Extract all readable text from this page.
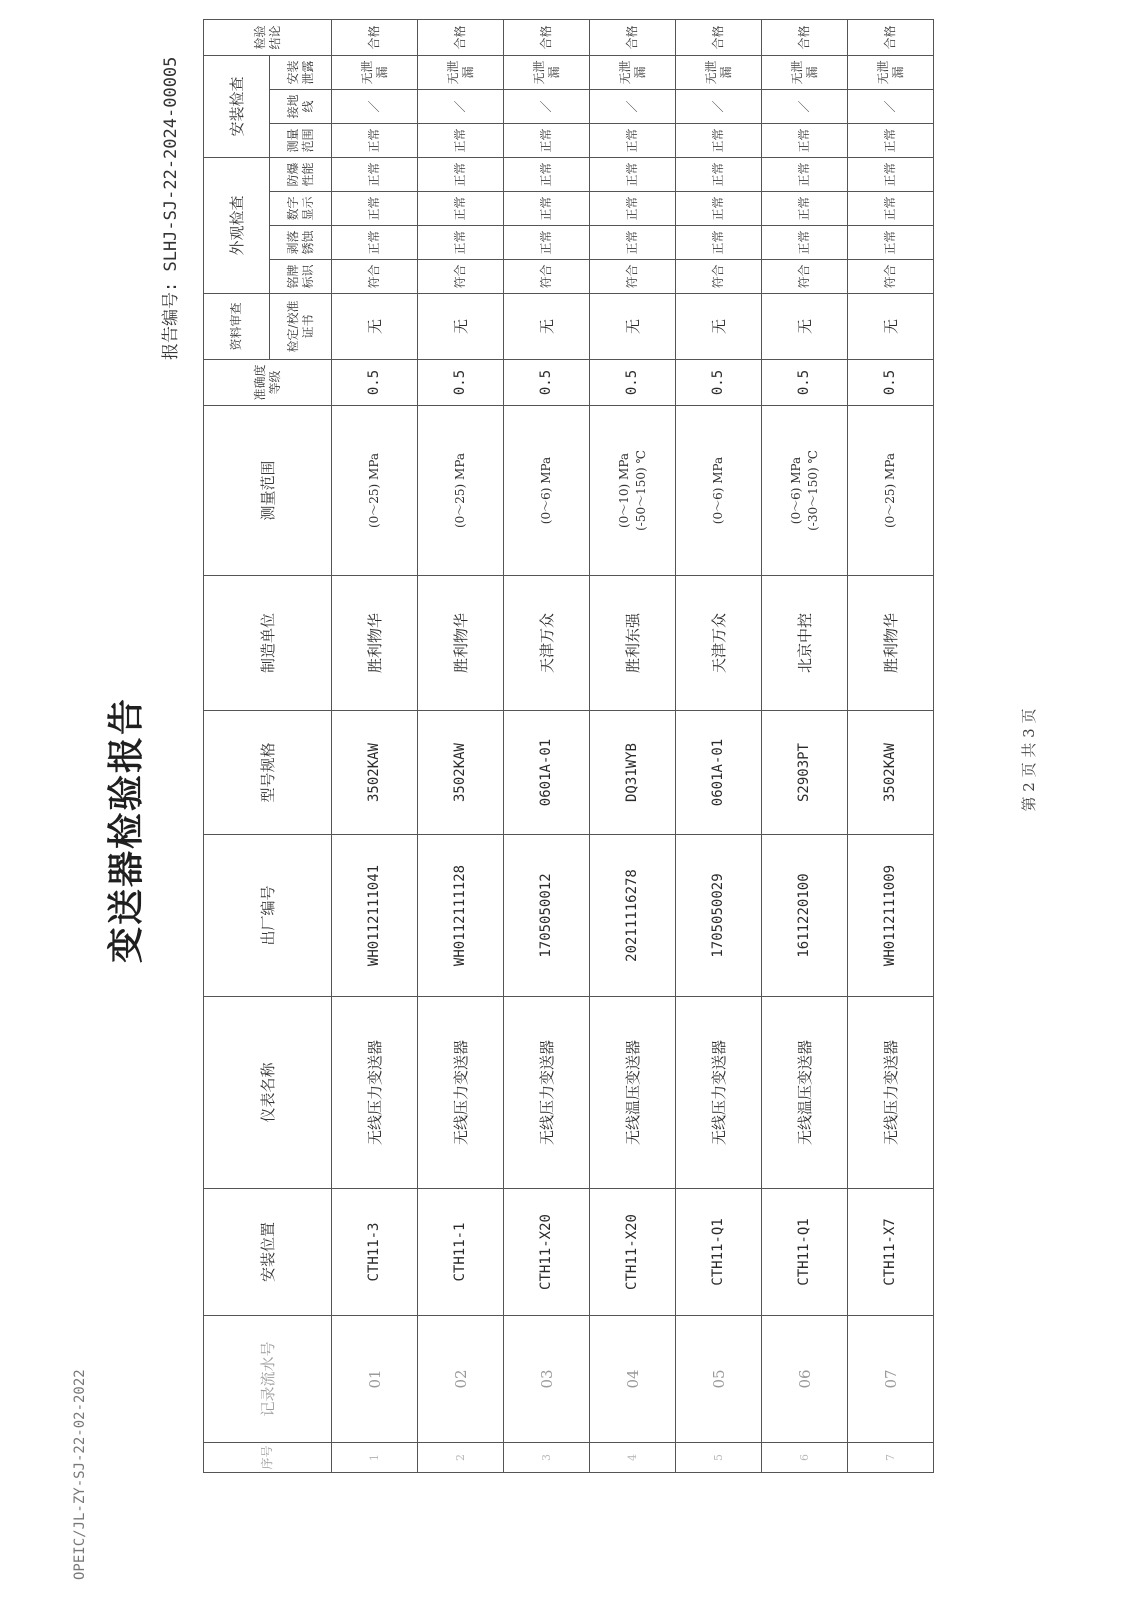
OPEIC/JL-ZY-SJ-22-02-2022
变送器检验报告
报告编号: SLHJ-SJ-22-2024-00005
序号	记录流水号	安装位置	仪表名称	出厂编号	型号规格	制造单位	测量范围	准确度等级	资料审查	外观检查				安装检查			检验结论
									检定/校准证书	铭牌标识	剥落锈蚀	数字显示	防爆性能	测量范围	接地线	安装泄露	
1	01	CTH11-3	无线压力变送器	WH0112111041	3502KAW	胜利物华	(0～25) MPa	0.5	无	符合	正常	正常	正常	正常	／	无泄漏	合格
2	02	CTH11-1	无线压力变送器	WH0112111128	3502KAW	胜利物华	(0～25) MPa	0.5	无	符合	正常	正常	正常	正常	／	无泄漏	合格
3	03	CTH11-X20	无线压力变送器	1705050012	0601A-01	天津万众	(0～6) MPa	0.5	无	符合	正常	正常	正常	正常	／	无泄漏	合格
4	04	CTH11-X20	无线温压变送器	20211116278	DQ31WYB	胜利东强	(0～10) MPa (-50～150) ℃	0.5	无	符合	正常	正常	正常	正常	／	无泄漏	合格
5	05	CTH11-Q1	无线压力变送器	1705050029	0601A-01	天津万众	(0～6) MPa	0.5	无	符合	正常	正常	正常	正常	／	无泄漏	合格
6	06	CTH11-Q1	无线温压变送器	1611220100	S2903PT	北京中控	(0～6) MPa (-30～150) ℃	0.5	无	符合	正常	正常	正常	正常	／	无泄漏	合格
7	07	CTH11-X7	无线压力变送器	WH0112111009	3502KAW	胜利物华	(0～25) MPa	0.5	无	符合	正常	正常	正常	正常	／	无泄漏	合格
第 2 页 共 3 页
